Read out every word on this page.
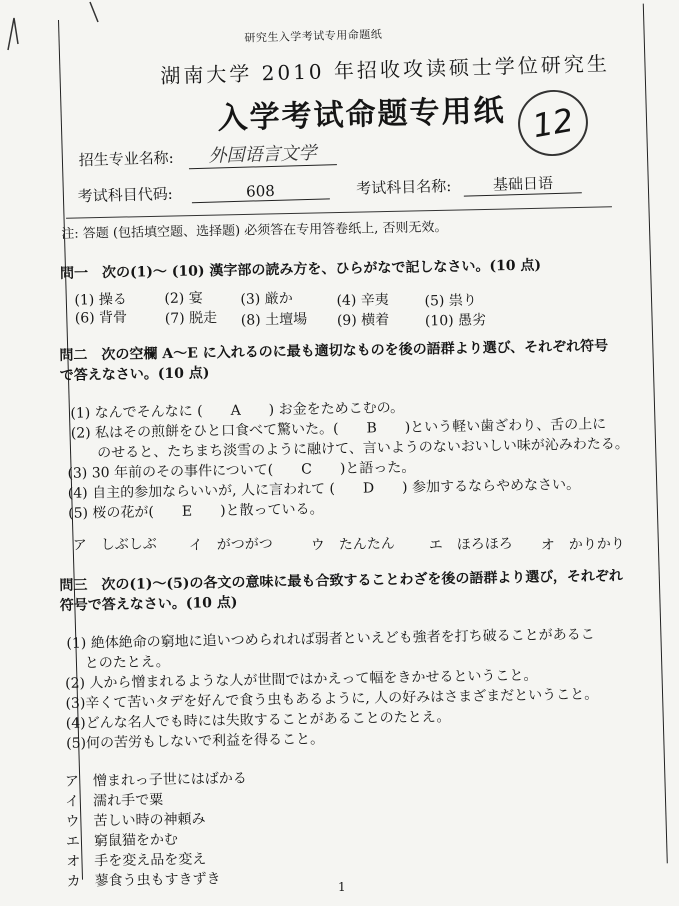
研究生入学考试专用命题纸
湖南大学 2010 年招收攻读硕士学位研究生
入学考试命题专用纸
招生专业名称: 外国语言文学
考试科目代码:	608	考试科目名称:	基础日语
12
注: 答题 (包括填空题、选择题) 必须答在专用答卷纸上, 否则无效。
問一　次の(1)～ (10) 漢字部の読み方を、ひらがなで記しなさい。(10 点)
(1) 操る	(2) 宴	(3) 厳か	(4) 辛夷	(5) 祟り
(6) 背骨	(7) 脱走 (8) 土壇場 (9) 横着	(10) 愚劣
問二　次の空欄 A～E に入れるのに最も適切なものを後の語群より選び、それぞれ符号
で答えなさい。(10 点)
(1) なんでそんなに (　　A　　) お金をためこむの。
(2) 私はその煎餅をひと口食べて驚いた。(　　B　　)という軽い歯ざわり、舌の上に
のせると、たちまち淡雪のように融けて、言いようのないおいしい味が沁みわたる。
(3) 30 年前のその事件について(　　C　　)と語った。
(4) 自主的参加ならいいが, 人に言われて (　　D　　) 参加するならやめなさい。
(5) 桜の花が(　　E　　)と散っている。
ア　しぶしぶ イ　がつがつ	ウ　たんたん エ　ほろほろ オ　かりかり
問三　次の(1)～(5)の各文の意味に最も合致することわざを後の語群より選び，それぞれ
符号で答えなさい。(10 点)
(1) 絶体絶命の窮地に追いつめられれば弱者といえども強者を打ち破ることがあるこ
とのたとえ。
(2) 人から憎まれるような人が世間ではかえって幅をきかせるということ。
(3)辛くて苦いタデを好んで食う虫もあるように, 人の好みはさまざまだということ。
(4)どんな名人でも時には失敗することがあることのたとえ。
(5)何の苦労もしないで利益を得ること。
ア　憎まれっ子世にはばかる
イ　濡れ手で粟
ウ　苦しい時の神頼み
エ　窮鼠猫をかむ
オ　手を変え品を変え
カ　蓼食う虫もすきずき	1
